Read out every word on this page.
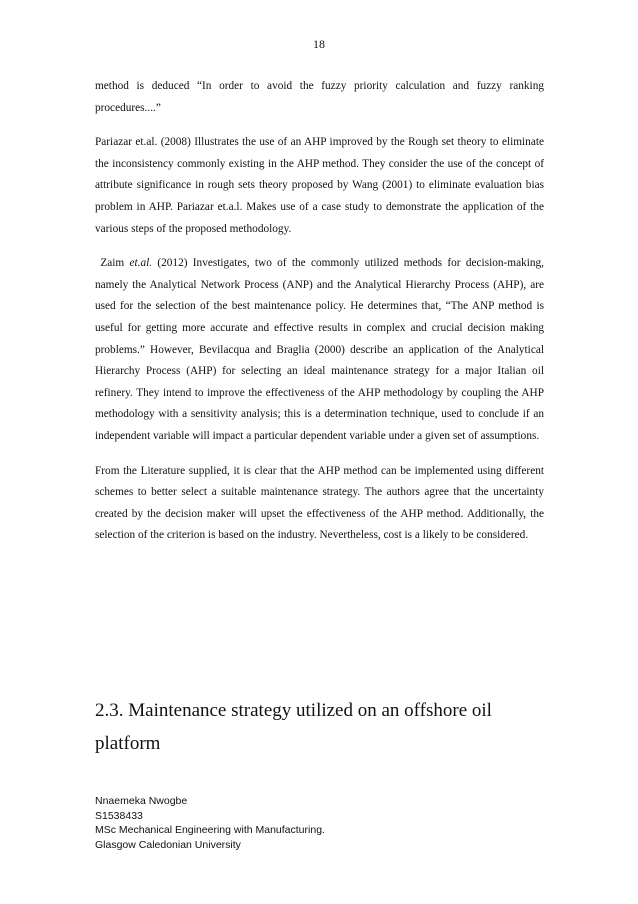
18

method is deduced “In order to avoid the fuzzy priority calculation and fuzzy ranking procedures....”

Pariazar et.al. (2008) Illustrates the use of an AHP improved by the Rough set theory to eliminate the inconsistency commonly existing in the AHP method. They consider the use of the concept of attribute significance in rough sets theory proposed by Wang (2001) to eliminate evaluation bias problem in AHP. Pariazar et.a.l. Makes use of a case study to demonstrate the application of the various steps of the proposed methodology.

Zaim et.al. (2012) Investigates, two of the commonly utilized methods for decision-making, namely the Analytical Network Process (ANP) and the Analytical Hierarchy Process (AHP), are used for the selection of the best maintenance policy. He determines that, “The ANP method is useful for getting more accurate and effective results in complex and crucial decision making problems.” However, Bevilacqua and Braglia (2000) describe an application of the Analytical Hierarchy Process (AHP) for selecting an ideal maintenance strategy for a major Italian oil refinery. They intend to improve the effectiveness of the AHP methodology by coupling the AHP methodology with a sensitivity analysis; this is a determination technique, used to conclude if an independent variable will impact a particular dependent variable under a given set of assumptions.

From the Literature supplied, it is clear that the AHP method can be implemented using different schemes to better select a suitable maintenance strategy. The authors agree that the uncertainty created by the decision maker will upset the effectiveness of the AHP method. Additionally, the selection of the criterion is based on the industry. Nevertheless, cost is a likely to be considered.

2.3. Maintenance strategy utilized on an offshore oil platform
Nnaemeka Nwogbe
S1538433
MSc Mechanical Engineering with Manufacturing.
Glasgow Caledonian University
